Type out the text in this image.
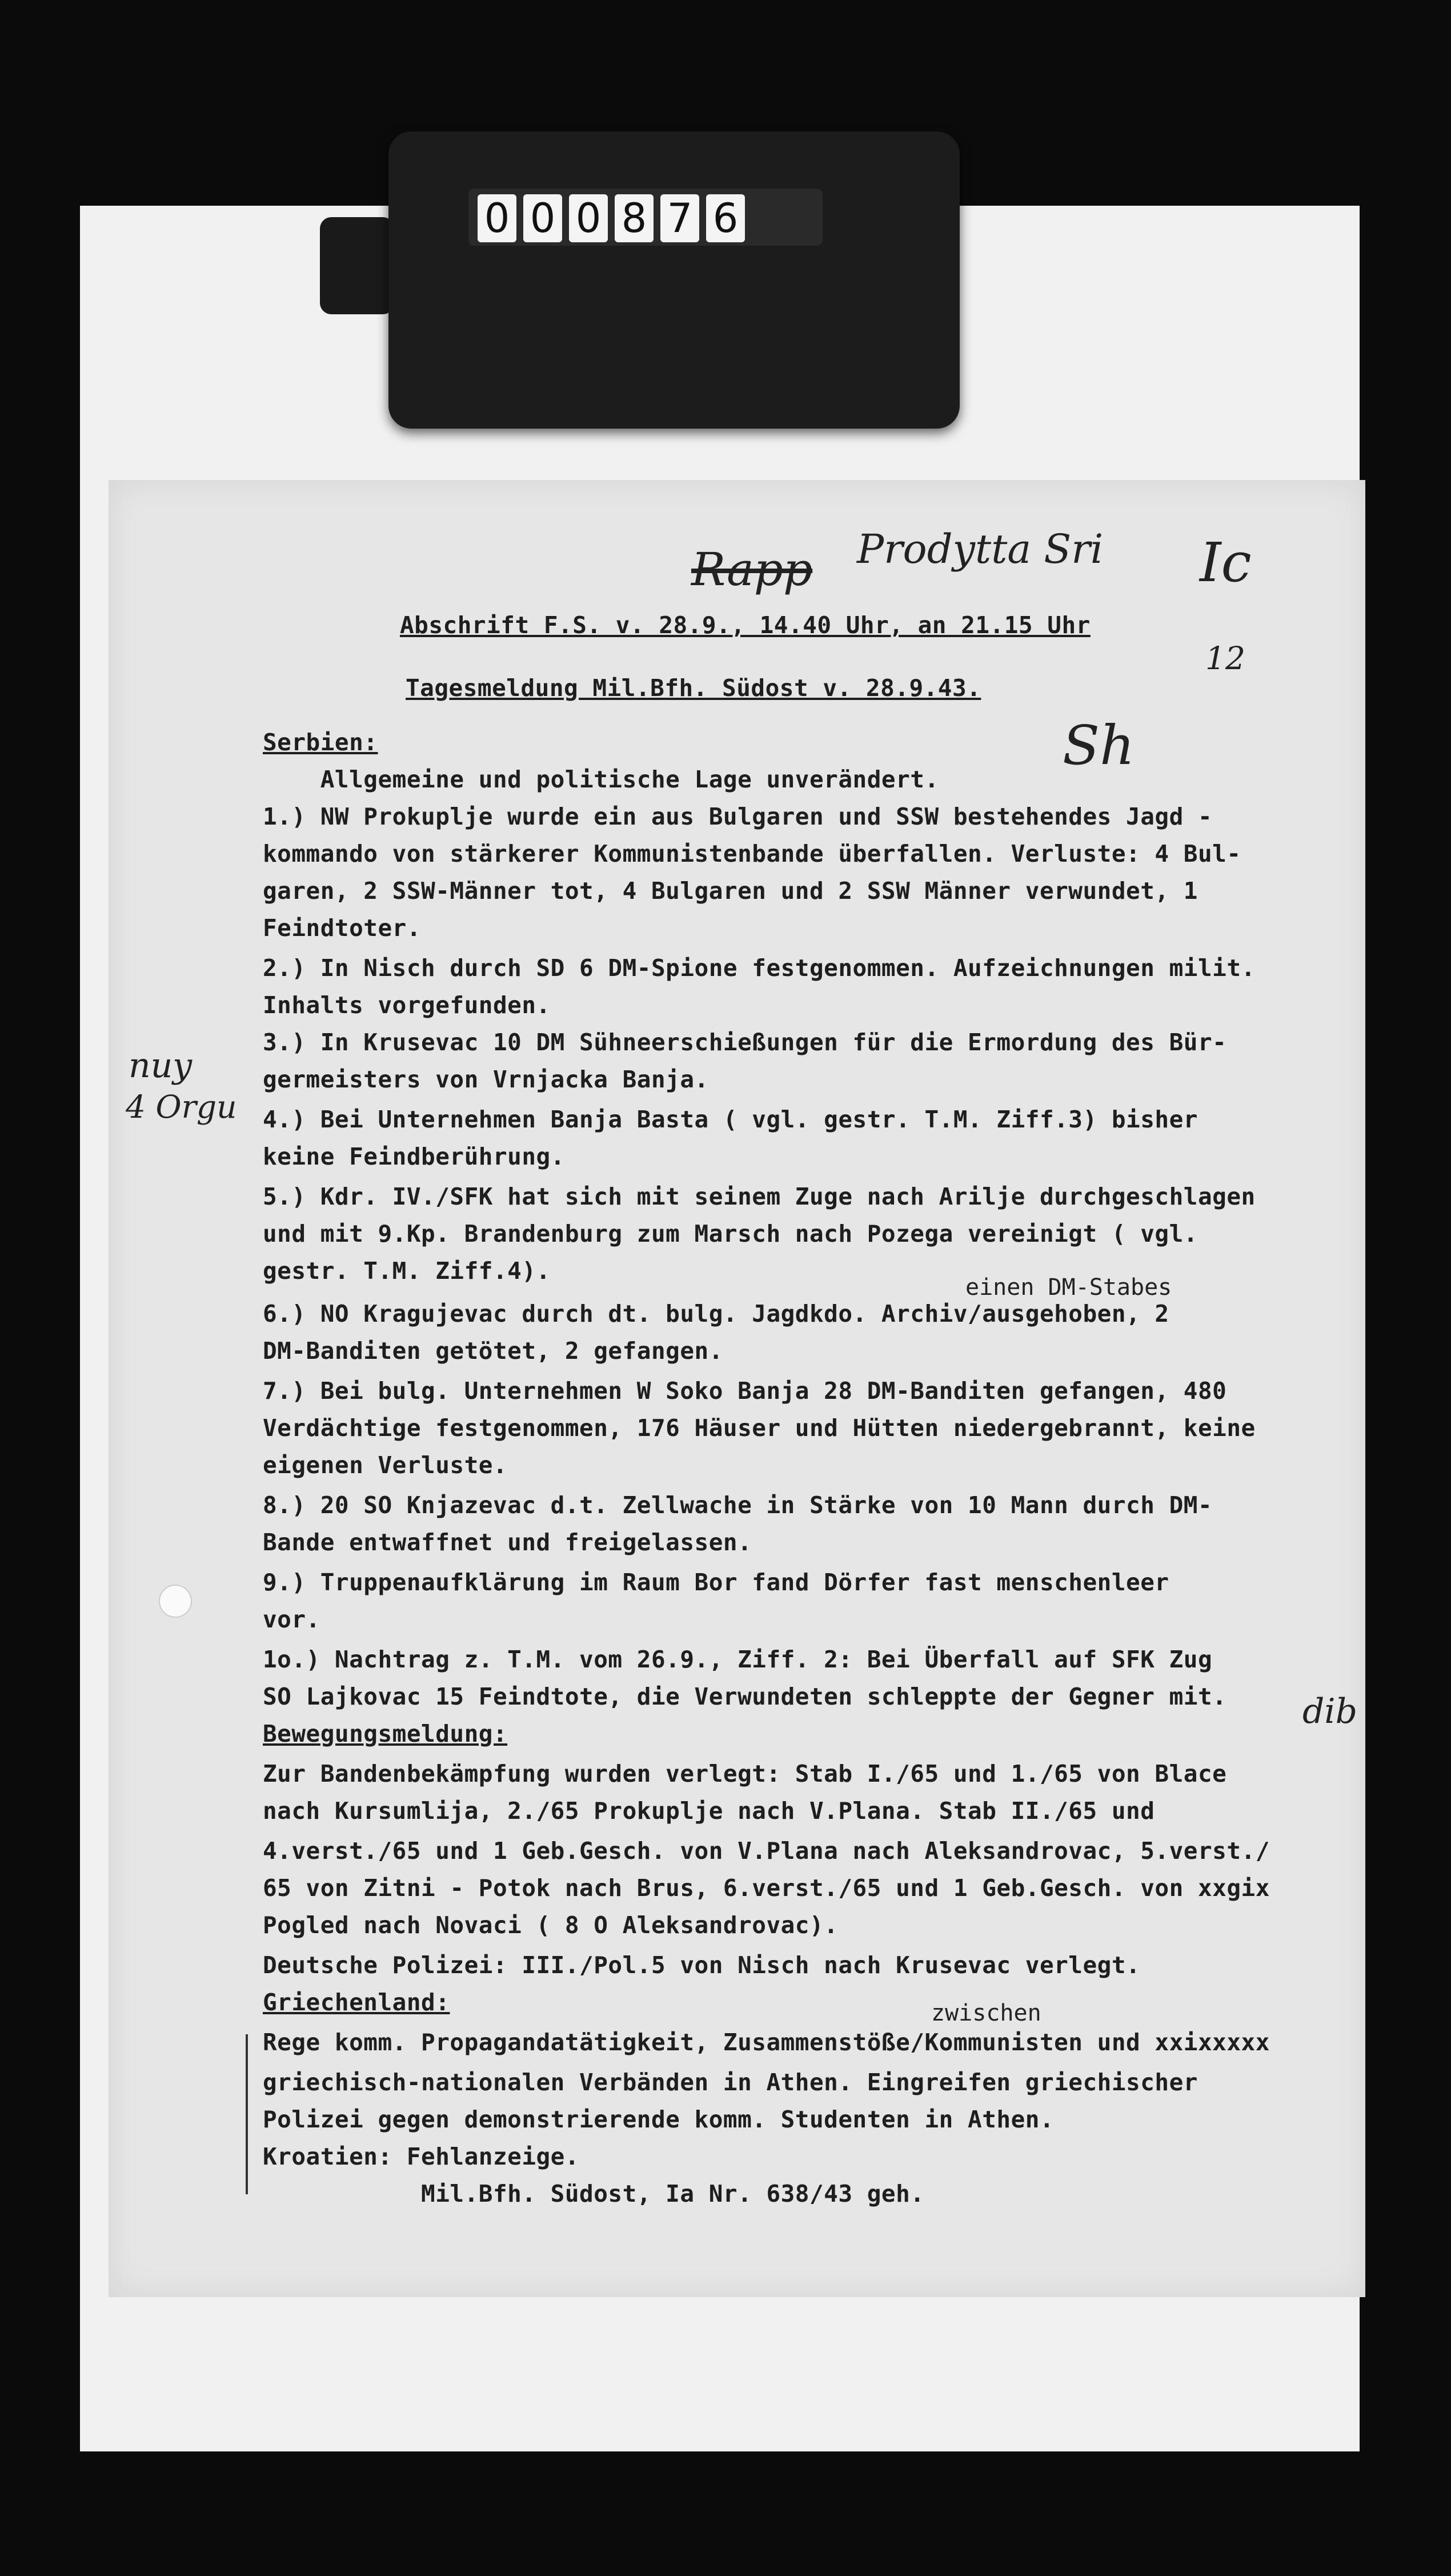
0 0 0 8 7 6
Rapp Prodytta Sri Ic
12
Sh
nuy
4 Orgu
dib
einen DM-Stabes
zwischen
Abschrift F.S. v. 28.9., 14.40 Uhr, an 21.15 Uhr
Tagesmeldung Mil.Bfh. Südost v. 28.9.43.
Serbien:
Allgemeine und politische Lage unverändert.
1.) NW Prokuplje wurde ein aus Bulgaren und SSW bestehendes Jagd -
kommando von stärkerer Kommunistenbande überfallen. Verluste: 4 Bul-
garen, 2 SSW-Männer tot, 4 Bulgaren und 2 SSW Männer verwundet, 1
Feindtoter.
2.) In Nisch durch SD 6 DM-Spione festgenommen. Aufzeichnungen milit.
Inhalts vorgefunden.
3.) In Krusevac 10 DM Sühneerschießungen für die Ermordung des Bür-
germeisters von Vrnjacka Banja.
4.) Bei Unternehmen Banja Basta ( vgl. gestr. T.M. Ziff.3) bisher
keine Feindberührung.
5.) Kdr. IV./SFK hat sich mit seinem Zuge nach Arilje durchgeschlagen
und mit 9.Kp. Brandenburg zum Marsch nach Pozega vereinigt ( vgl.
gestr. T.M. Ziff.4).
6.) NO Kragujevac durch dt. bulg. Jagdkdo. Archiv/ausgehoben, 2
DM-Banditen getötet, 2 gefangen.
7.) Bei bulg. Unternehmen W Soko Banja 28 DM-Banditen gefangen, 480
Verdächtige festgenommen, 176 Häuser und Hütten niedergebrannt, keine
eigenen Verluste.
8.) 20 SO Knjazevac d.t. Zellwache in Stärke von 10 Mann durch DM-
Bande entwaffnet und freigelassen.
9.) Truppenaufklärung im Raum Bor fand Dörfer fast menschenleer
vor.
1o.) Nachtrag z. T.M. vom 26.9., Ziff. 2: Bei Überfall auf SFK Zug
SO Lajkovac 15 Feindtote, die Verwundeten schleppte der Gegner mit.
Bewegungsmeldung:
Zur Bandenbekämpfung wurden verlegt: Stab I./65 und 1./65 von Blace
nach Kursumlija, 2./65 Prokuplje nach V.Plana. Stab II./65 und
4.verst./65 und 1 Geb.Gesch. von V.Plana nach Aleksandrovac, 5.verst./
65 von Zitni - Potok nach Brus, 6.verst./65 und 1 Geb.Gesch. von xxgix
Pogled nach Novaci ( 8 O Aleksandrovac).
Deutsche Polizei: III./Pol.5 von Nisch nach Krusevac verlegt.
Griechenland:
Rege komm. Propagandatätigkeit, Zusammenstöße/Kommunisten und xxixxxxx
griechisch-nationalen Verbänden in Athen. Eingreifen griechischer
Polizei gegen demonstrierende komm. Studenten in Athen.
Kroatien: Fehlanzeige.
Mil.Bfh. Südost, Ia Nr. 638/43 geh.
